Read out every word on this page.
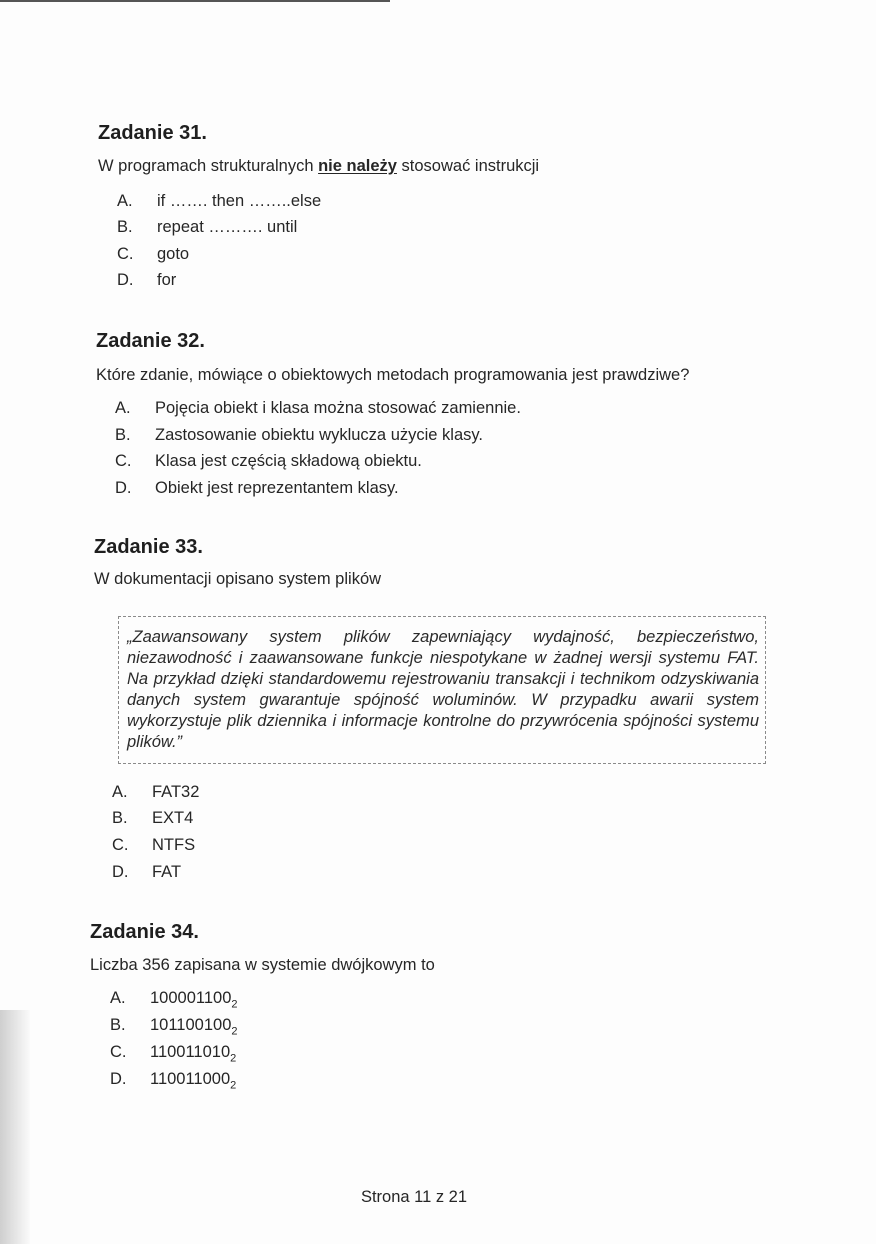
Zadanie 31.
W programach strukturalnych nie należy stosować instrukcji
A. if ……. then ……..else
B. repeat ………. until
C. goto
D. for
Zadanie 32.
Które zdanie, mówiące o obiektowych metodach programowania jest prawdziwe?
A. Pojęcia obiekt i klasa można stosować zamiennie.
B. Zastosowanie obiektu wyklucza użycie klasy.
C. Klasa jest częścią składową obiektu.
D. Obiekt jest reprezentantem klasy.
Zadanie 33.
W dokumentacji opisano system plików
„Zaawansowany system plików zapewniający wydajność, bezpieczeństwo, niezawodność i zaawansowane funkcje niespotykane w żadnej wersji systemu FAT. Na przykład dzięki standardowemu rejestrowaniu transakcji i technikom odzyskiwania danych system gwarantuje spójność woluminów. W przypadku awarii system wykorzystuje plik dziennika i informacje kontrolne do przywrócenia spójności systemu plików.”
A. FAT32
B. EXT4
C. NTFS
D. FAT
Zadanie 34.
Liczba 356 zapisana w systemie dwójkowym to
A. $100001100_2$
B. $101100100_2$
C. $110011010_2$
D. $110011000_2$
Strona 11 z 21
